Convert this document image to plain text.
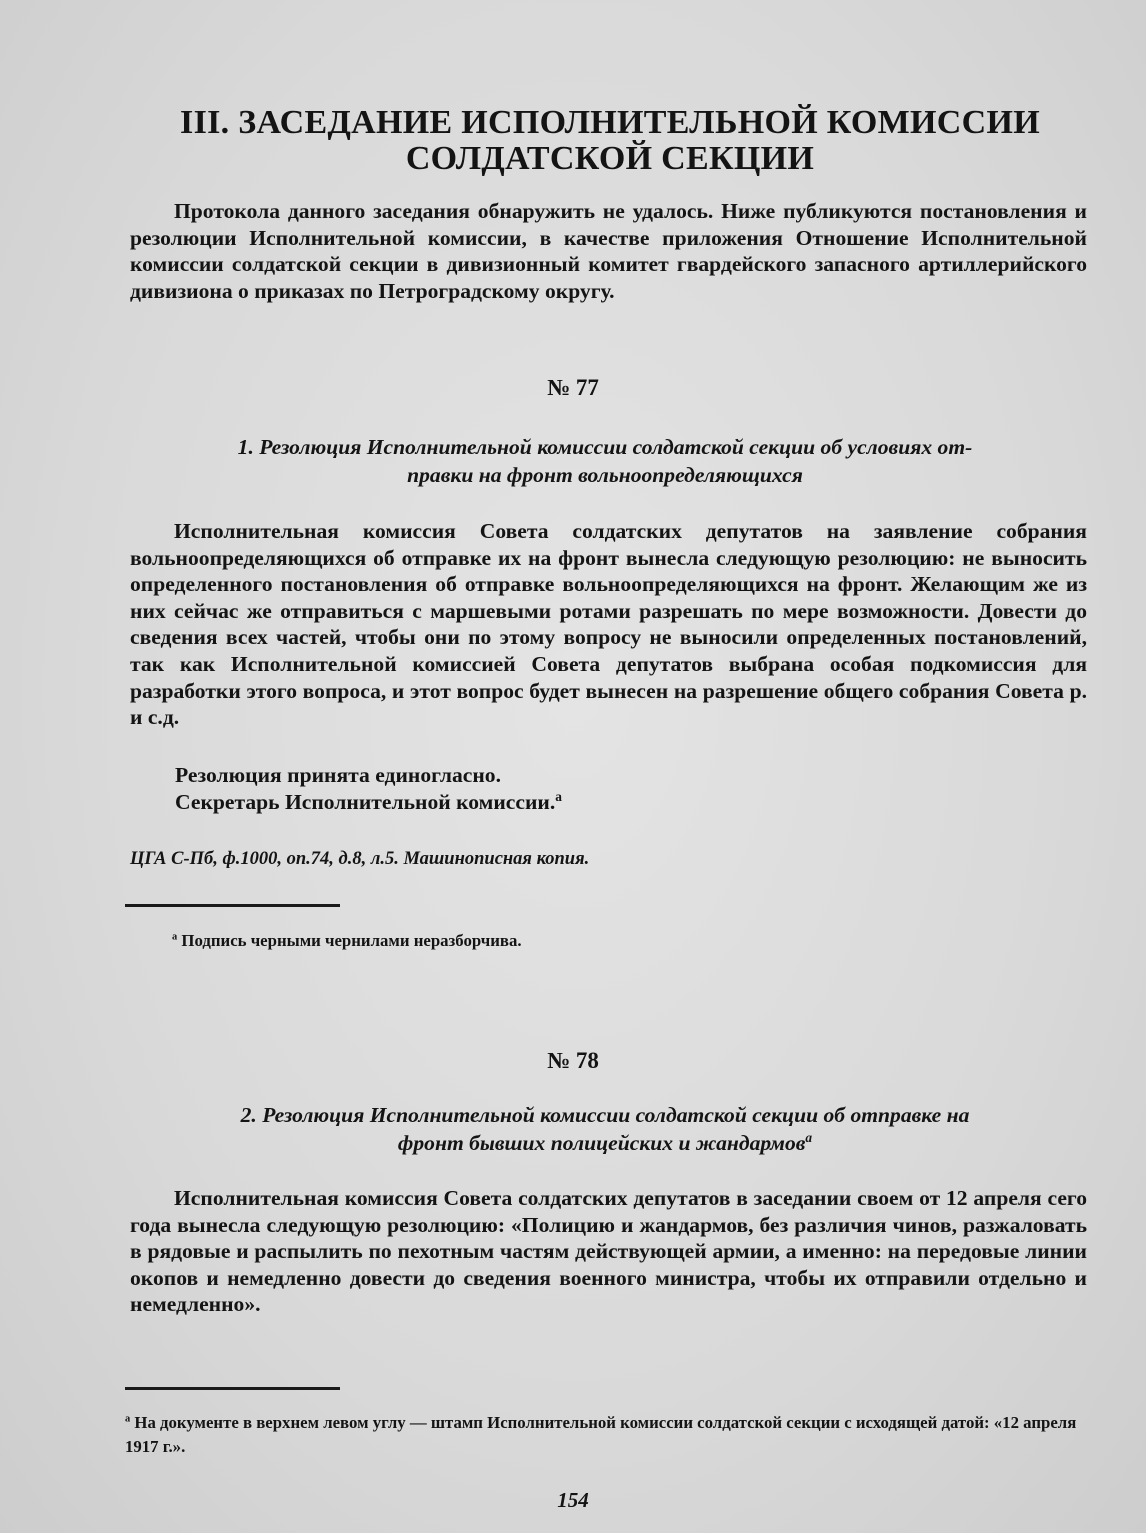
III. ЗАСЕДАНИЕ ИСПОЛНИТЕЛЬНОЙ КОМИССИИ
СОЛДАТСКОЙ СЕКЦИИ

Протокола данного заседания обнаружить не удалось. Ниже публикуются постановления и резолюции Исполнительной комиссии, в качестве приложения Отношение Исполнительной комиссии солдатской секции в дивизионный комитет гвардейского запасного артиллерийского дивизиона о приказах по Петроградскому округу.

№ 77
1. Резолюция Исполнительной комиссии солдатской секции об условиях от-
правки на фронт вольноопределяющихся

Исполнительная комиссия Совета солдатских депутатов на заявление собрания вольноопределяющихся об отправке их на фронт вынесла следующую резолюцию: не выносить определенного постановления об отправке вольноопределяющихся на фронт. Желающим же из них сейчас же отправиться с маршевыми ротами разрешать по мере возможности. Довести до сведения всех частей, чтобы они по этому вопросу не выносили определенных постановлений, так как Исполнительной комиссией Совета депутатов выбрана особая подкомиссия для разработки этого вопроса, и этот вопрос будет вынесен на разрешение общего собрания Совета р. и с.д.

Резолюция принята единогласно.
Секретарь Исполнительной комиссии.$^а$
ЦГА С-Пб, ф.1000, оп.74, д.8, л.5. Машинописная копия.
$^а$ Подпись черными чернилами неразборчива.
№ 78
2. Резолюция Исполнительной комиссии солдатской секции об отправке на
фронт бывших полицейских и жандармов$^а$

Исполнительная комиссия Совета солдатских депутатов в заседании своем от 12 апреля сего года вынесла следующую резолюцию: «Полицию и жандармов, без различия чинов, разжаловать в рядовые и распылить по пехотным частям действующей армии, а именно: на передовые линии окопов и немедленно довести до сведения военного министра, чтобы их отправили отдельно и немедленно».

$^а$ На документе в верхнем левом углу — штамп Исполнительной комиссии солдатской секции с исходящей датой: «12 апреля 1917 г.».
154
